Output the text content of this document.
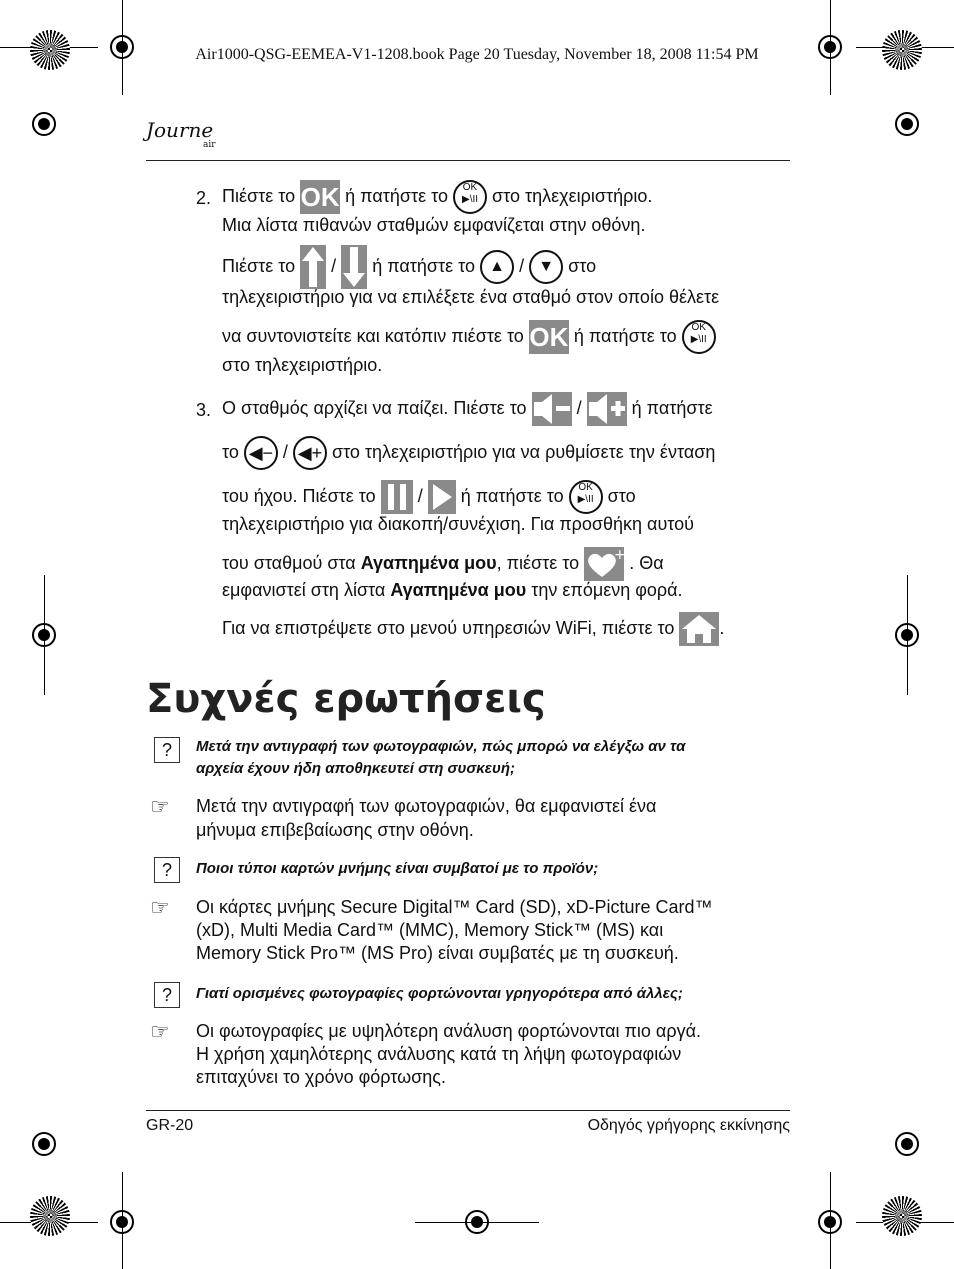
Air1000-QSG-EEMEA-V1-1208.book Page 20 Tuesday, November 18, 2008 11:54 PM
Journe
air
2. Πιέστε το OK ή πατήστε το OK
▶\II στο τηλεχειριστήριο.
Μια λίστα πιθανών σταθμών εμφανίζεται στην οθόνη.
Πιέστε το / ή πατήστε το ▲ / ▼ στο
τηλεχειριστήριο για να επιλέξετε ένα σταθμό στον οποίο θέλετε
να συντονιστείτε και κατόπιν πιέστε το OK ή πατήστε το OK
▶\II
στο τηλεχειριστήριο.
3. Ο σταθμός αρχίζει να παίζει. Πιέστε το	/	ή πατήστε
το ◀− / ◀+ στο τηλεχειριστήριο για να ρυθμίσετε την ένταση
του ήχου. Πιέστε το / ή πατήστε το OK
▶\II στο
τηλεχειριστήριο για διακοπή/συνέχιση. Για προσθήκη αυτού
του σταθμού στα Αγαπημένα μου, πιέστε το	+ . Θα
εμφανιστεί στη λίστα Αγαπημένα μου την επόμενη φορά.
Για να επιστρέψετε στο μενού υπηρεσιών WiFi, πιέστε το	.
Συχνές ερωτήσεις
?	Μετά την αντιγραφή των φωτογραφιών, πώς μπορώ να ελέγξω αν τα
αρχεία έχουν ήδη αποθηκευτεί στη συσκευή;
☞ Μετά την αντιγραφή των φωτογραφιών, θα εμφανιστεί ένα
μήνυμα επιβεβαίωσης στην οθόνη.
?	Ποιοι τύποι καρτών μνήμης είναι συμβατοί με το προϊόν;
☞ Οι κάρτες μνήμης Secure Digital™ Card (SD), xD-Picture Card™
(xD), Multi Media Card™ (MMC), Memory Stick™ (MS) και
Memory Stick Pro™ (MS Pro) είναι συμβατές με τη συσκευή.
?	Γιατί ορισμένες φωτογραφίες φορτώνονται γρηγορότερα από άλλες;
☞ Οι φωτογραφίες με υψηλότερη ανάλυση φορτώνονται πιο αργά.
Η χρήση χαμηλότερης ανάλυσης κατά τη λήψη φωτογραφιών
επιταχύνει το χρόνο φόρτωσης.
GR-20	Οδηγός γρήγορης εκκίνησης
